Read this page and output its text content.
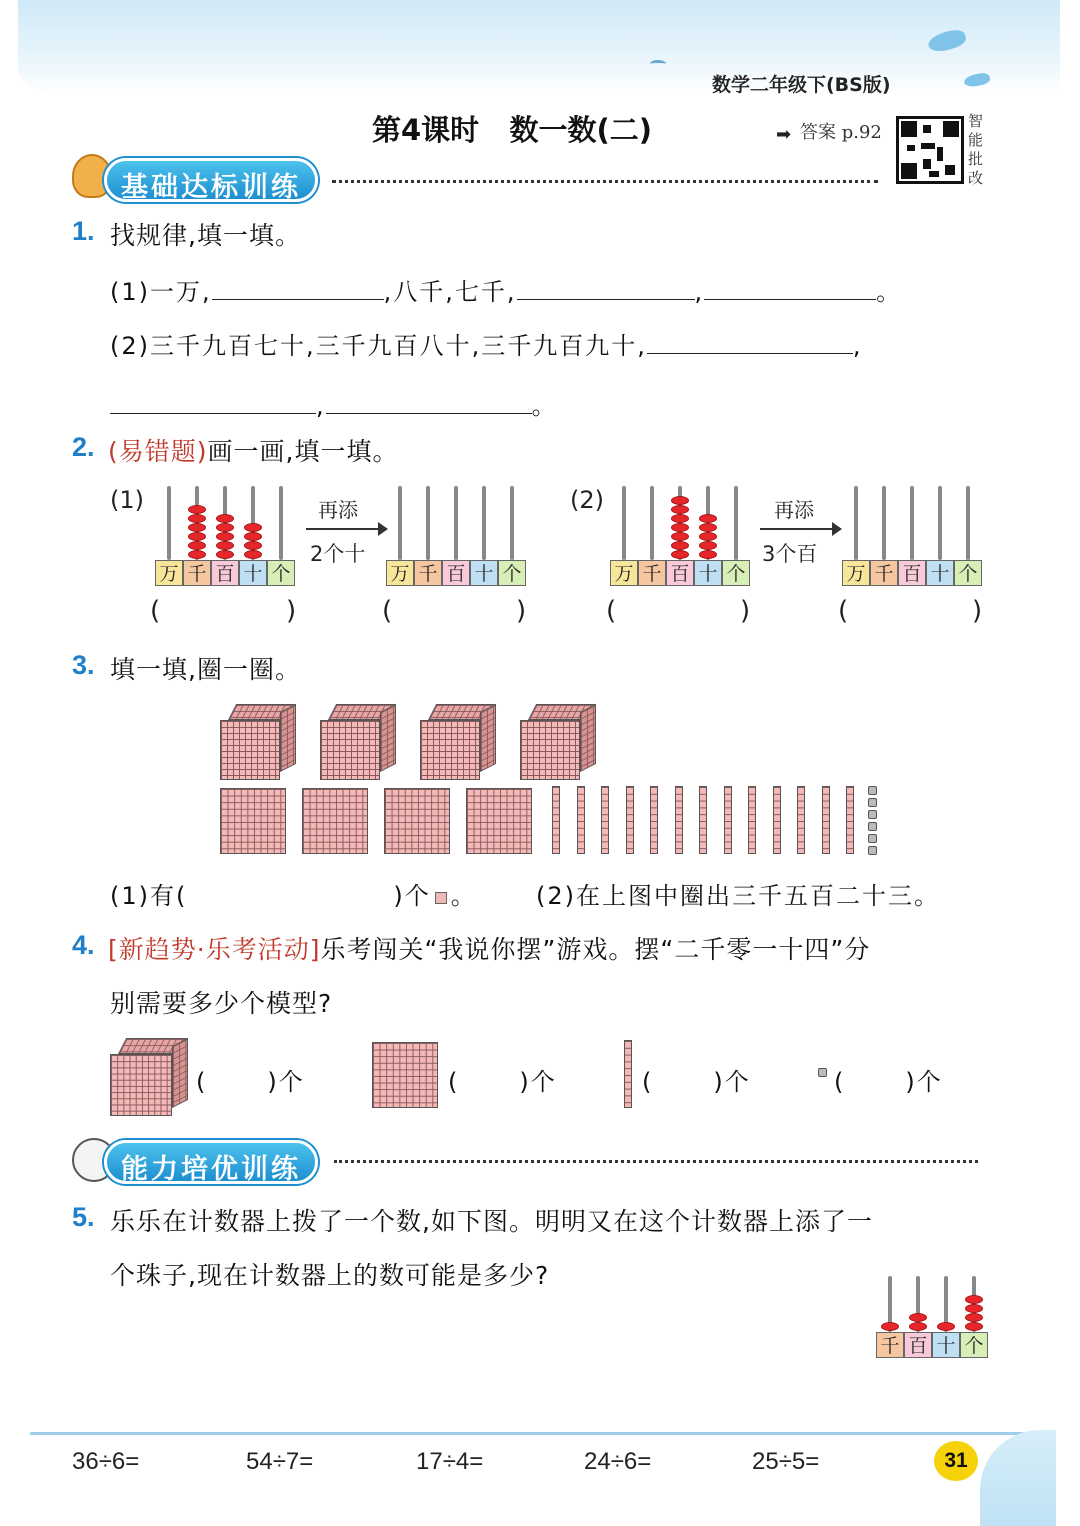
数学二年级下(BS版)
第4课时   数一数(二)	➡ 答案 p.92
智能批改
基础达标训练
1. 找规律,填一填。
(1)一万,	,八千,七千,	,	。
(2)三千九百七十,三千九百八十,三千九百九十,	,
,	。
2. (易错题)画一画,填一填。
(1)	(2)
万 千 百 十 个	万 千 百 十 个	万 千 百 十 个	万 千 百 十 个
再添
2个十
再添
3个百
(	)	(	)	(	)	(	)
3. 填一填,圈一圈。
(1)有(	)个 。 (2)在上图中圈出三千五百二十三。
4. [新趋势·乐考活动]乐考闯关“我说你摆”游戏。摆“二千零一十四”分
别需要多少个模型?
(	)个	(	)个	(	)个	(	)个
能力培优训练
5. 乐乐在计数器上拨了一个数,如下图。明明又在这个计数器上添了一
个珠子,现在计数器上的数可能是多少?
千 百 十 个
36÷6=	54÷7=	17÷4=	24÷6=	25÷5=	31
